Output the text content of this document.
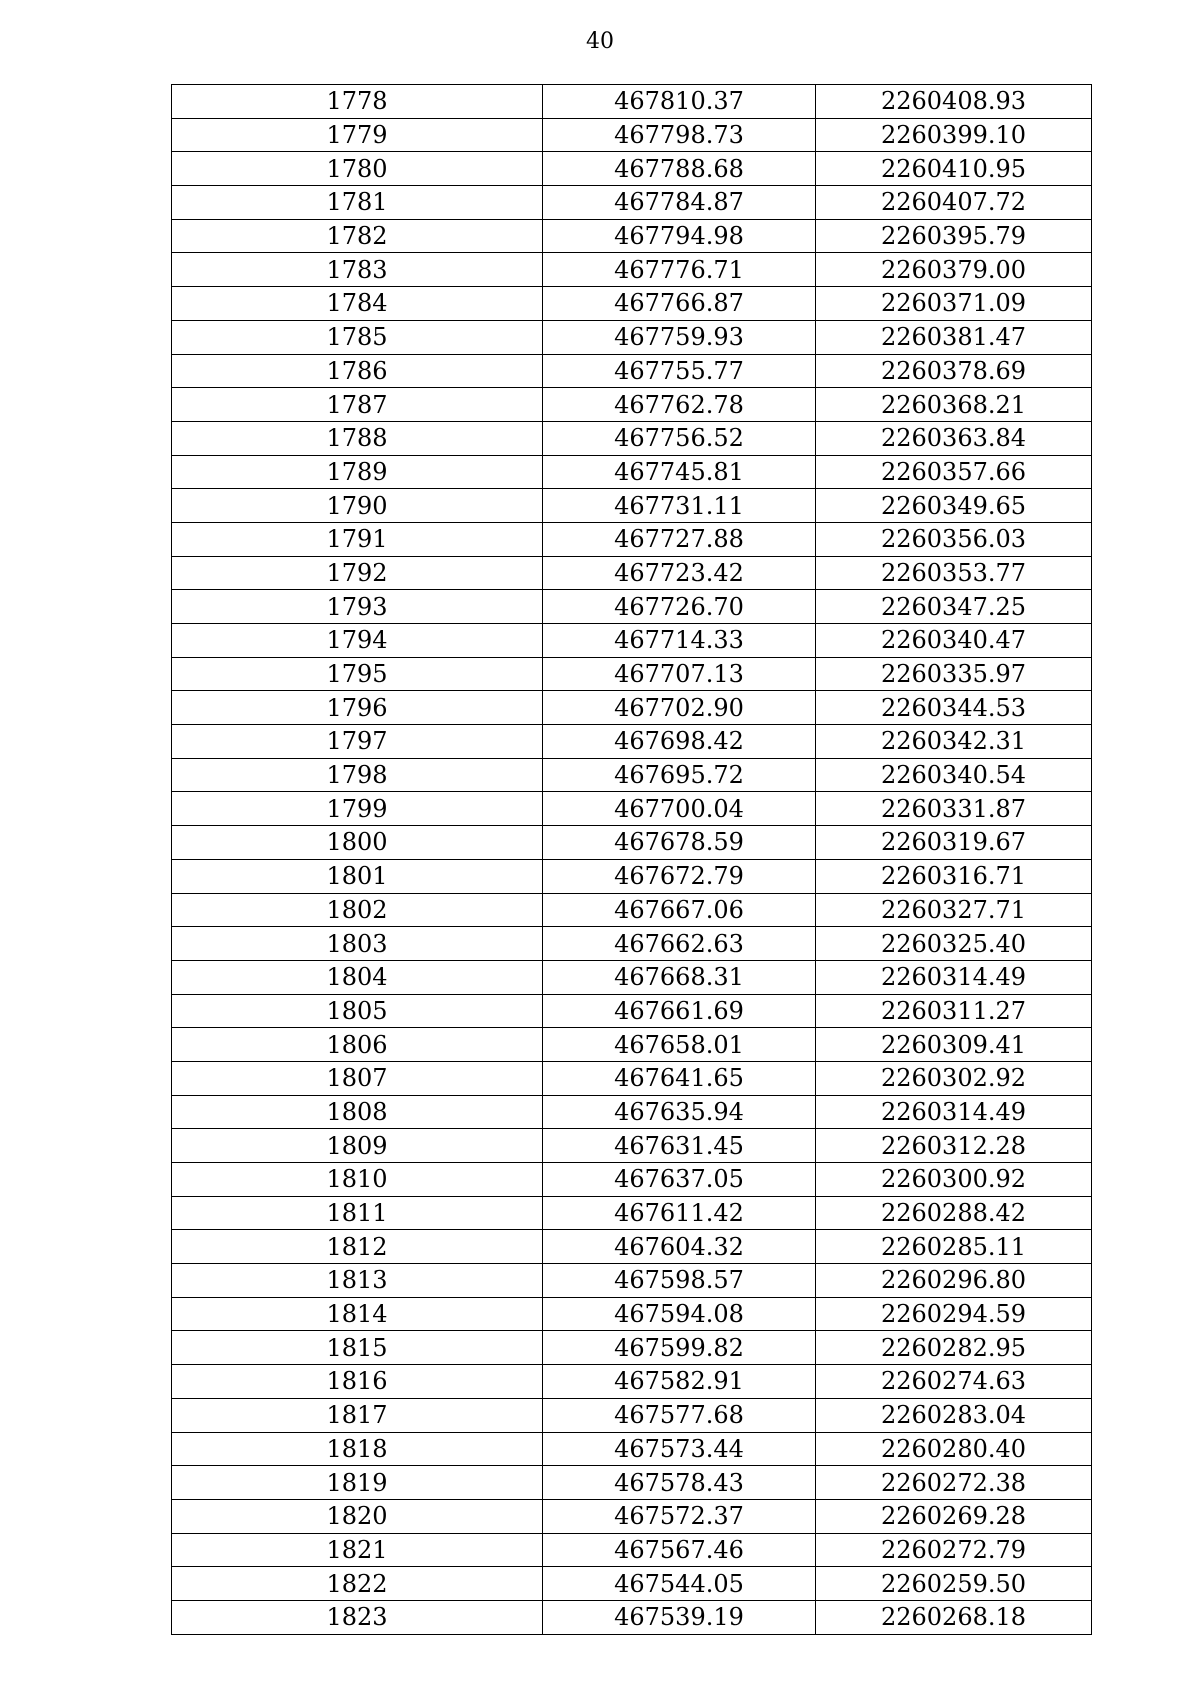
40
1778	467810.37	2260408.93
1779	467798.73	2260399.10
1780	467788.68	2260410.95
1781	467784.87	2260407.72
1782	467794.98	2260395.79
1783	467776.71	2260379.00
1784	467766.87	2260371.09
1785	467759.93	2260381.47
1786	467755.77	2260378.69
1787	467762.78	2260368.21
1788	467756.52	2260363.84
1789	467745.81	2260357.66
1790	467731.11	2260349.65
1791	467727.88	2260356.03
1792	467723.42	2260353.77
1793	467726.70	2260347.25
1794	467714.33	2260340.47
1795	467707.13	2260335.97
1796	467702.90	2260344.53
1797	467698.42	2260342.31
1798	467695.72	2260340.54
1799	467700.04	2260331.87
1800	467678.59	2260319.67
1801	467672.79	2260316.71
1802	467667.06	2260327.71
1803	467662.63	2260325.40
1804	467668.31	2260314.49
1805	467661.69	2260311.27
1806	467658.01	2260309.41
1807	467641.65	2260302.92
1808	467635.94	2260314.49
1809	467631.45	2260312.28
1810	467637.05	2260300.92
1811	467611.42	2260288.42
1812	467604.32	2260285.11
1813	467598.57	2260296.80
1814	467594.08	2260294.59
1815	467599.82	2260282.95
1816	467582.91	2260274.63
1817	467577.68	2260283.04
1818	467573.44	2260280.40
1819	467578.43	2260272.38
1820	467572.37	2260269.28
1821	467567.46	2260272.79
1822	467544.05	2260259.50
1823	467539.19	2260268.18
